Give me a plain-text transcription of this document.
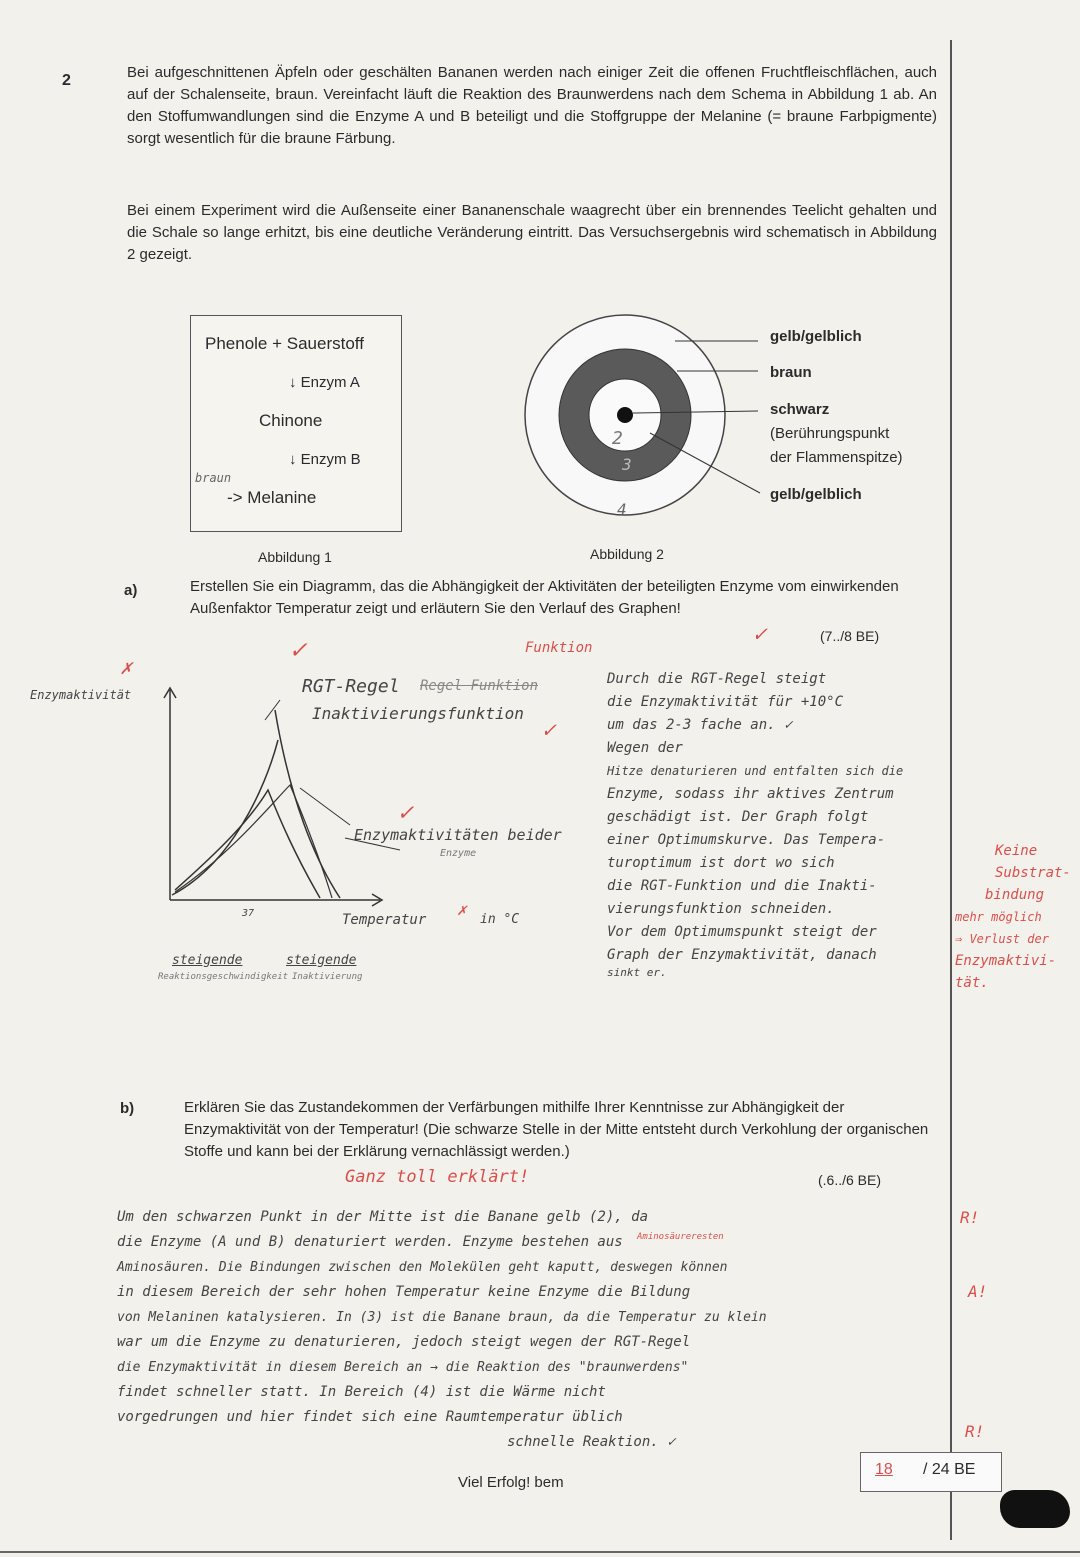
2	Bei aufgeschnittenen Äpfeln oder geschälten Bananen werden nach einiger Zeit die offenen Fruchtfleischflächen, auch auf der Schalenseite, braun. Vereinfacht läuft die Reaktion des Braunwerdens nach dem Schema in Abbildung 1 ab. An den Stoffumwandlungen sind die Enzyme A und B beteiligt und die Stoffgruppe der Melanine (= braune Farbpigmente) sorgt wesentlich für die braune Färbung.

Bei einem Experiment wird die Außenseite einer Bananenschale waagrecht über ein brennendes Teelicht gehalten und die Schale so lange erhitzt, bis eine deutliche Veränderung eintritt. Das Versuchsergebnis wird schematisch in Abbildung 2 gezeigt.

Phenole + Sauerstoff
↓ Enzym A
Chinone
↓ Enzym B
braun
-> Melanine
Abbildung 1
2
3
4
gelb/gelblich
braun
schwarz
(Berührungspunkt
der Flammenspitze)
gelb/gelblich
Abbildung 2
a)	Erstellen Sie ein Diagramm, das die Abhängigkeit der Aktivitäten der beteiligten Enzyme vom einwirkenden Außenfaktor Temperatur zeigt und erläutern Sie den Verlauf des Graphen!

(7../8 BE)
Funktion
✓
Enzymaktivität
✗
RGT-Regel Regel Funktion
✓
Inaktivierungsfunktion
✓
✓
Enzymaktivitäten beider
Enzyme
Temperatur	in °C
✗
37
steigende
Reaktionsgeschwindigkeit
steigende
Inaktivierung

Durch die RGT-Regel steigt

die Enzymaktivität für +10°C

um das 2-3 fache an. ✓

Wegen der

Hitze denaturieren und entfalten sich die

Enzyme, sodass ihr aktives Zentrum

geschädigt ist. Der Graph folgt

einer Optimumskurve. Das Tempera-

turoptimum ist dort wo sich

die RGT-Funktion und die Inakti-

vierungsfunktion schneiden.

Vor dem Optimumspunkt steigt der

Graph der Enzymaktivität, danach

sinkt er.

Keine
Substrat-
bindung
mehr möglich
⇒ Verlust der
Enzymaktivi-
tät.
b)	Erklären Sie das Zustandekommen der Verfärbungen mithilfe Ihrer Kenntnisse zur Abhängigkeit der Enzymaktivität von der Temperatur! (Die schwarze Stelle in der Mitte entsteht durch Verkohlung der organischen Stoffe und kann bei der Erklärung vernachlässigt werden.)

Ganz toll erklärt!	(.6../6 BE)
Aminosäureresten
Um den schwarzen Punkt in der Mitte ist die Banane gelb (2), da
die Enzyme (A und B) denaturiert werden. Enzyme bestehen aus
Aminosäuren. Die Bindungen zwischen den Molekülen geht kaputt, deswegen können
in diesem Bereich der sehr hohen Temperatur keine Enzyme die Bildung
von Melaninen katalysieren. In (3) ist die Banane braun, da die Temperatur zu klein
war um die Enzyme zu denaturieren, jedoch steigt wegen der RGT-Regel
die Enzymaktivität in diesem Bereich an → die Reaktion des "braunwerdens"
findet schneller statt. In Bereich (4) ist die Wärme nicht
vorgedrungen und hier findet sich eine Raumtemperatur üblich
schnelle Reaktion. ✓
R!
A!
R!
Viel Erfolg! bem
18 / 24 BE
